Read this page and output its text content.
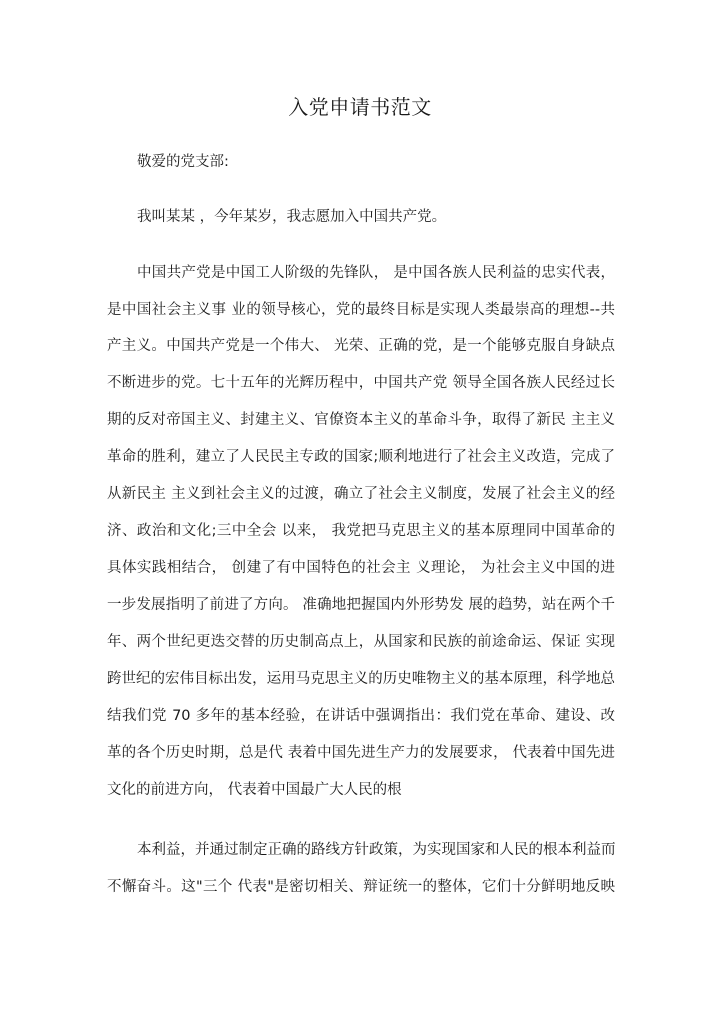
入党申请书范文
敬爱的党支部:
我叫某某 ，今年某岁，我志愿加入中国共产党。
中国共产党是中国工人阶级的先锋队， 是中国各族人民利益的忠实代表，
是中国社会主义事 业的领导核心，党的最终目标是实现人类最崇高的理想--共
产主义。中国共产党是一个伟大、 光荣、正确的党，是一个能够克服自身缺点
不断进步的党。七十五年的光辉历程中，中国共产党 领导全国各族人民经过长
期的反对帝国主义、封建主义、官僚资本主义的革命斗争，取得了新民 主主义
革命的胜利，建立了人民民主专政的国家;顺利地进行了社会主义改造，完成了
从新民主 主义到社会主义的过渡，确立了社会主义制度，发展了社会主义的经
济、政治和文化;三中全会 以来， 我党把马克思主义的基本原理同中国革命的
具体实践相结合， 创建了有中国特色的社会主 义理论， 为社会主义中国的进
一步发展指明了前进了方向。 准确地把握国内外形势发 展的趋势，站在两个千
年、两个世纪更迭交替的历史制高点上，从国家和民族的前途命运、保证 实现
跨世纪的宏伟目标出发，运用马克思主义的历史唯物主义的基本原理，科学地总
结我们党 70 多年的基本经验，在讲话中强调指出：我们党在革命、建设、改
革的各个历史时期，总是代 表着中国先进生产力的发展要求， 代表着中国先进
文化的前进方向， 代表着中国最广大人民的根
本利益，并通过制定正确的路线方针政策，为实现国家和人民的根本利益而
不懈奋斗。这"三个 代表"是密切相关、辩证统一的整体，它们十分鲜明地反映
